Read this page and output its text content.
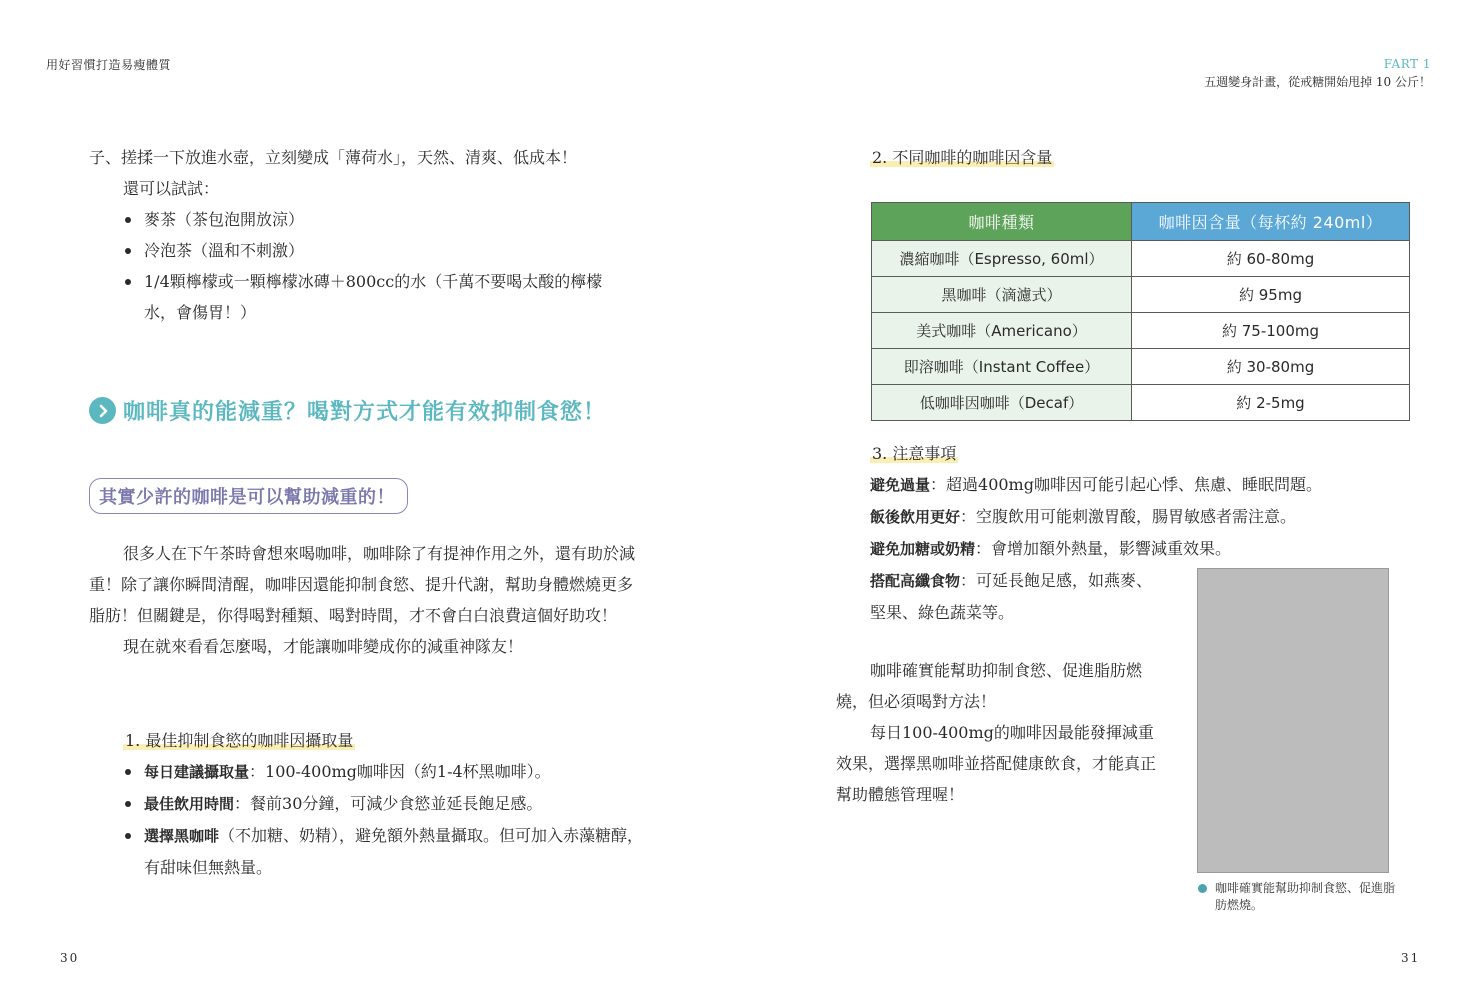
用好習慣打造易瘦體質	FART 1
五週變身計畫，從戒糖開始甩掉 10 公斤！

子、搓揉一下放進水壺，立刻變成「薄荷水」，天然、清爽、低成本！

還可以試試：

麥茶（茶包泡開放涼）
冷泡茶（溫和不刺激）
1/4顆檸檬或一顆檸檬冰磚＋800cc的水（千萬不要喝太酸的檸檬水，會傷胃！）
咖啡真的能減重？喝對方式才能有效抑制食慾！
其實少許的咖啡是可以幫助減重的！

很多人在下午茶時會想來喝咖啡，咖啡除了有提神作用之外，還有助於減重！除了讓你瞬間清醒，咖啡因還能抑制食慾、提升代謝，幫助身體燃燒更多脂肪！但關鍵是，你得喝對種類、喝對時間，才不會白白浪費這個好助攻！

現在就來看看怎麼喝，才能讓咖啡變成你的減重神隊友！

1. 最佳抑制食慾的咖啡因攝取量
每日建議攝取量：100-400mg咖啡因（約1-4杯黑咖啡）。
最佳飲用時間：餐前30分鐘，可減少食慾並延長飽足感。
選擇黑咖啡（不加糖、奶精），避免額外熱量攝取。但可加入赤藻糖醇，有甜味但無熱量。
30
2. 不同咖啡的咖啡因含量
咖啡種類	咖啡因含量（每杯約 240ml）
濃縮咖啡（Espresso, 60ml）	約 60-80mg
黑咖啡（滴濾式）	約 95mg
美式咖啡（Americano）	約 75-100mg
即溶咖啡（Instant Coffee）	約 30-80mg
低咖啡因咖啡（Decaf）	約 2-5mg
3. 注意事項
避免過量：超過400mg咖啡因可能引起心悸、焦慮、睡眠問題。
飯後飲用更好：空腹飲用可能刺激胃酸，腸胃敏感者需注意。
避免加糖或奶精：會增加額外熱量，影響減重效果。
搭配高纖食物：可延長飽足感，如燕麥、堅果、綠色蔬菜等。

咖啡確實能幫助抑制食慾、促進脂肪燃燒，但必須喝對方法！

每日100-400mg的咖啡因最能發揮減重效果，選擇黑咖啡並搭配健康飲食，才能真正幫助體態管理喔！

咖啡確實能幫助抑制食慾、促進脂肪燃燒。
31
